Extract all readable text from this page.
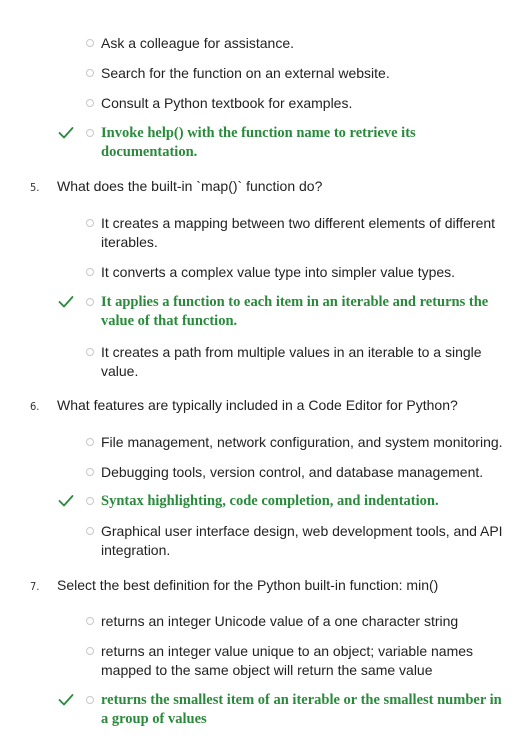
Ask a colleague for assistance.
Search for the function on an external website.
Consult a Python textbook for examples.
Invoke help() with the function name to retrieve its documentation.
5. What does the built-in `map()` function do?
It creates a mapping between two different elements of different iterables.
It converts a complex value type into simpler value types.
It applies a function to each item in an iterable and returns the value of that function.
It creates a path from multiple values in an iterable to a single value.
6. What features are typically included in a Code Editor for Python?
File management, network configuration, and system monitoring.
Debugging tools, version control, and database management.
Syntax highlighting, code completion, and indentation.
Graphical user interface design, web development tools, and API integration.
7. Select the best definition for the Python built-in function: min()
returns an integer Unicode value of a one character string
returns an integer value unique to an object; variable names mapped to the same object will return the same value
returns the smallest item of an iterable or the smallest number in a group of values
